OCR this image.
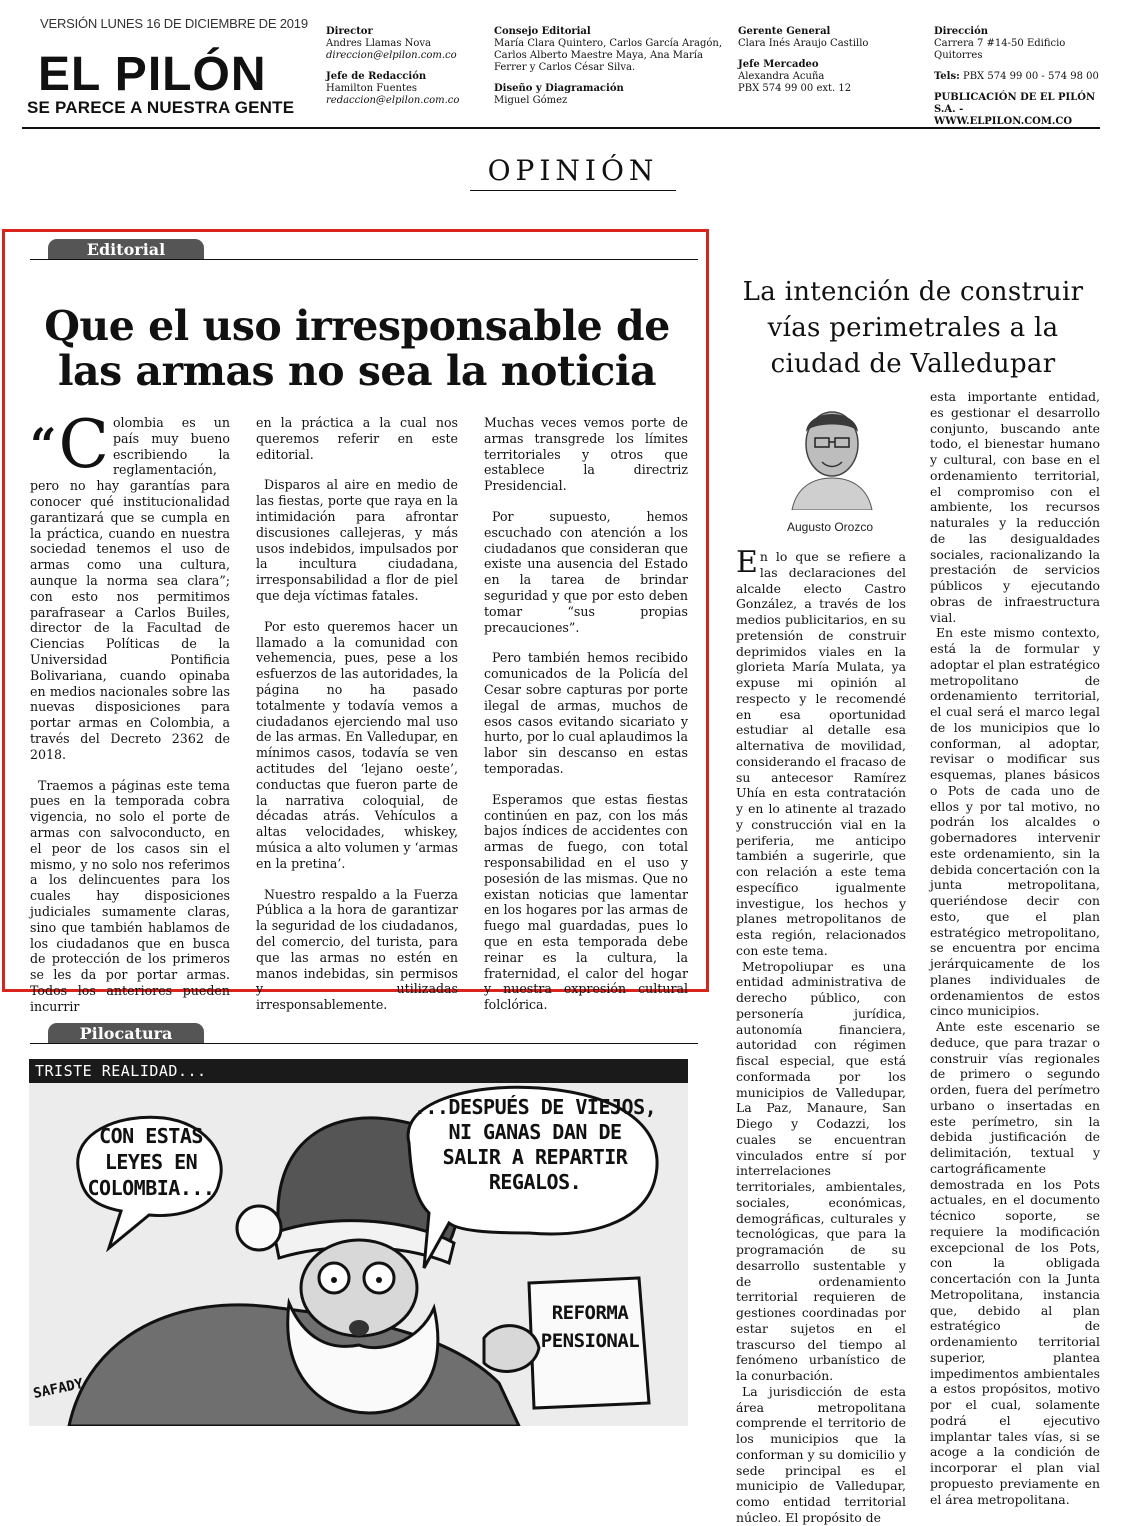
VERSIÓN LUNES 16 DE DICIEMBRE DE 2019
EL PILÓN
SE PARECE A NUESTRA GENTE
Director
Andres Llamas Nova
direccion@elpilon.com.co
Jefe de Redacción
Hamilton Fuentes
redaccion@elpilon.com.co
Consejo Editorial
María Clara Quintero, Carlos García Aragón,
Carlos Alberto Maestre Maya, Ana María
Ferrer y Carlos César Silva.
Diseño y Diagramación
Miguel Gómez
Gerente General
Clara Inés Araujo Castillo
Jefe Mercadeo
Alexandra Acuña
PBX 574 99 00 ext. 12
Dirección
Carrera 7 #14-50 Edificio Quitorres
Tels: PBX 574 99 00 - 574 98 00
PUBLICACIÓN DE EL PILÓN S.A. -
WWW.ELPILON.COM.CO
OPINIÓN
Editorial
Que el uso irresponsable de las armas no sea la noticia

“ C olombia es un país muy bueno escribiendo la reglamentación, pero no hay garantías para conocer qué institucionalidad garantizará que se cumpla en la práctica, cuando en nuestra sociedad tenemos el uso de armas como una cultura, aunque la norma sea clara”; con esto nos permitimos parafrasear a Carlos Builes, director de la Facultad de Ciencias Políticas de la Universidad Pontificia Bolivariana, cuando opinaba en medios nacionales sobre las nuevas disposiciones para portar armas en Colombia, a través del Decreto 2362 de 2018.

Traemos a páginas este tema pues en la temporada cobra vigencia, no solo el porte de armas con salvoconducto, en el peor de los casos sin el mismo, y no solo nos referimos a los delincuentes para los cuales hay disposiciones judiciales sumamente claras, sino que también hablamos de los ciudadanos que en busca de protección de los primeros se les da por portar armas. Todos los anteriores pueden incurrir

en la práctica a la cual nos queremos referir en este editorial.

Disparos al aire en medio de las fiestas, porte que raya en la intimidación para afrontar discusiones callejeras, y más usos indebidos, impulsados por la incultura ciudadana, irresponsabilidad a flor de piel que deja víctimas fatales.

Por esto queremos hacer un llamado a la comunidad con vehemencia, pues, pese a los esfuerzos de las autoridades, la página no ha pasado totalmente y todavía vemos a ciudadanos ejerciendo mal uso de las armas. En Valledupar, en mínimos casos, todavía se ven actitudes del ‘lejano oeste’, conductas que fueron parte de la narrativa coloquial, de décadas atrás. Vehículos a altas velocidades, whiskey, música a alto volumen y ‘armas en la pretina’.

Nuestro respaldo a la Fuerza Pública a la hora de garantizar la seguridad de los ciudadanos, del comercio, del turista, para que las armas no estén en manos indebidas, sin permisos y utilizadas irresponsablemente.

Muchas veces vemos porte de armas transgrede los límites territoriales y otros que establece la directriz Presidencial.

Por supuesto, hemos escuchado con atención a los ciudadanos que consideran que existe una ausencia del Estado en la tarea de brindar seguridad y que por esto deben tomar “sus propias precauciones”.

Pero también hemos recibido comunicados de la Policía del Cesar sobre capturas por porte ilegal de armas, muchos de esos casos evitando sicariato y hurto, por lo cual aplaudimos la labor sin descanso en estas temporadas.

Esperamos que estas fiestas continúen en paz, con los más bajos índices de accidentes con armas de fuego, con total responsabilidad en el uso y posesión de las mismas. Que no existan noticias que lamentar en los hogares por las armas de fuego mal guardadas, pues lo que en esta temporada debe reinar es la cultura, la fraternidad, el calor del hogar y nuestra expresión cultural folclórica.

Pilocatura
TRISTE REALIDAD...
CON ESTAS
LEYES EN
COLOMBIA...
...DESPUÉS DE VIEJOS,
NI GANAS DAN DE
SALIR A REPARTIR
REGALOS.
REFORMA
PENSIONAL
SAFADY
La intención de construir vías perimetrales a la ciudad de Valledupar
Augusto Orozco

En lo que se refiere a las declaraciones del alcalde electo Castro González, a través de los medios publicitarios, en su pretensión de construir deprimidos viales en la glorieta María Mulata, ya expuse mi opinión al respecto y le recomendé en esa oportunidad estudiar al detalle esa alternativa de movilidad, considerando el fracaso de su antecesor Ramírez Uhía en esta contratación y en lo atinente al trazado y construcción vial en la periferia, me anticipo también a sugerirle, que con relación a este tema específico igualmente investigue, los hechos y planes metropolitanos de esta región, relacionados con este tema.

Metropoliupar es una entidad administrativa de derecho público, con personería jurídica, autonomía financiera, autoridad con régimen fiscal especial, que está conformada por los municipios de Valledupar, La Paz, Manaure, San Diego y Codazzi, los cuales se encuentran vinculados entre sí por interrelaciones territoriales, ambientales, sociales, económicas, demográficas, culturales y tecnológicas, que para la programación de su desarrollo sustentable y de ordenamiento territorial requieren de gestiones coordinadas por estar sujetos en el trascurso del tiempo al fenómeno urbanístico de la conurbación.

La jurisdicción de esta área metropolitana comprende el territorio de los municipios que la conforman y su domicilio y sede principal es el municipio de Valledupar, como entidad territorial núcleo. El propósito de

esta importante entidad, es gestionar el desarrollo conjunto, buscando ante todo, el bienestar humano y cultural, con base en el ordenamiento territorial, el compromiso con el ambiente, los recursos naturales y la reducción de las desigualdades sociales, racionalizando la prestación de servicios públicos y ejecutando obras de infraestructura vial.

En este mismo contexto, está la de formular y adoptar el plan estratégico metropolitano de ordenamiento territorial, el cual será el marco legal de los municipios que lo conforman, al adoptar, revisar o modificar sus esquemas, planes básicos o Pots de cada uno de ellos y por tal motivo, no podrán los alcaldes o gobernadores intervenir este ordenamiento, sin la debida concertación con la junta metropolitana, queriéndose decir con esto, que el plan estratégico metropolitano, se encuentra por encima jerárquicamente de los planes individuales de ordenamientos de estos cinco municipios.

Ante este escenario se deduce, que para trazar o construir vías regionales de primero o segundo orden, fuera del perímetro urbano o insertadas en este perímetro, sin la debida justificación de delimitación, textual y cartográficamente demostrada en los Pots actuales, en el documento técnico soporte, se requiere la modificación excepcional de los Pots, con la obligada concertación con la Junta Metropolitana, instancia que, debido al plan estratégico de ordenamiento territorial superior, plantea impedimentos ambientales a estos propósitos, motivo por el cual, solamente podrá el ejecutivo implantar tales vías, si se acoge a la condición de incorporar el plan vial propuesto previamente en el área metropolitana.
